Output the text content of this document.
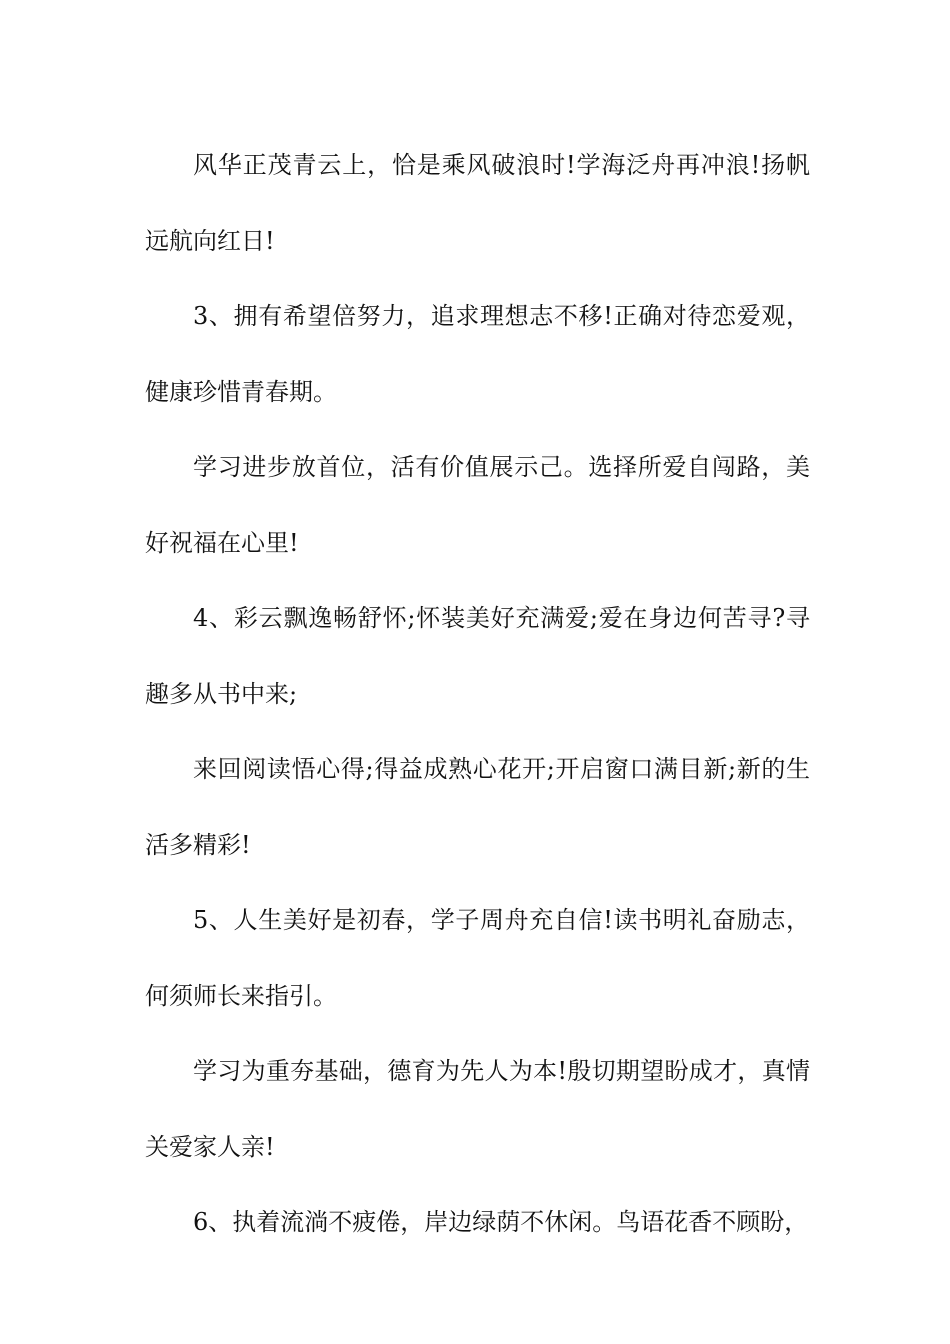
风华正茂青云上，恰是乘风破浪时!学海泛舟再冲浪!扬帆远航向红日!

3、拥有希望倍努力，追求理想志不移!正确对待恋爱观，健康珍惜青春期。

学习进步放首位，活有价值展示己。选择所爱自闯路，美好祝福在心里!

4、彩云飘逸畅舒怀;怀装美好充满爱;爱在身边何苦寻?寻趣多从书中来;

来回阅读悟心得;得益成熟心花开;开启窗口满目新;新的生活多精彩!

5、人生美好是初春，学子周舟充自信!读书明礼奋励志，何须师长来指引。

学习为重夯基础，德育为先人为本!殷切期望盼成才，真情关爱家人亲!

6、执着流淌不疲倦，岸边绿荫不休闲。鸟语花香不顾盼，
